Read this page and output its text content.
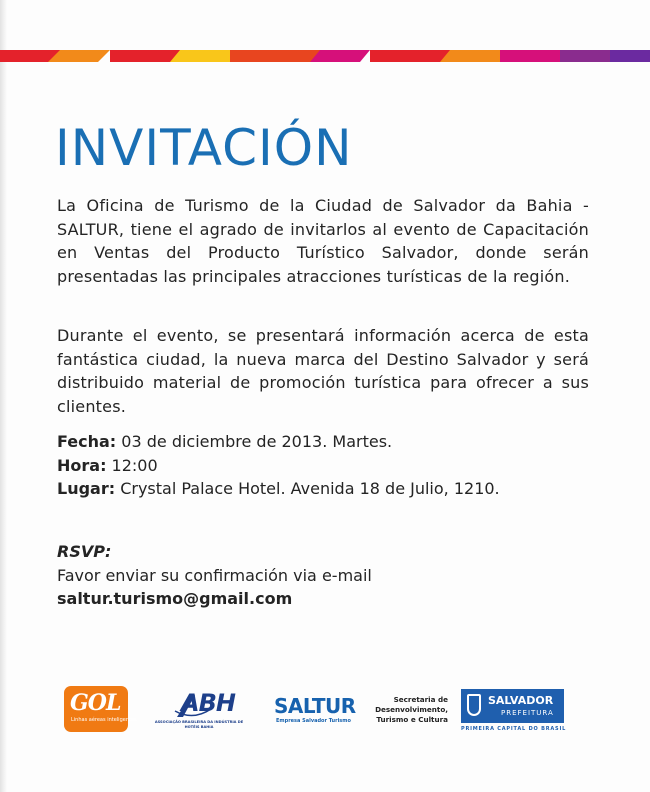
INVITACIÓN

La Oficina de Turismo de la Ciudad de Salvador da Bahia - SALTUR, tiene el agrado de invitarlos al evento de Capacitación en Ventas del Producto Turístico Salvador, donde serán presentadas las principales atracciones turísticas de la región.

Durante el evento, se presentará información acerca de esta fantástica ciudad, la nueva marca del Destino Salvador y será distribuido material de promoción turística para ofrecer a sus clientes.

Fecha: 03 de diciembre de 2013. Martes.
Hora: 12:00
Lugar: Crystal Palace Hotel. Avenida 18 de Julio, 1210.
RSVP:
Favor enviar su confirmación via e-mail
saltur.turismo@gmail.com
GOL
Linhas aéreas inteligentes
ABH
ASSOCIAÇÃO BRASILEIRA DA INDÚSTRIA DE HOTÉIS BAHIA
SALTUR
Empresa Salvador Turismo
Secretaria de
Desenvolvimento,
Turismo e Cultura
SALVADOR
PREFEITURA
PRIMEIRA CAPITAL DO BRASIL
